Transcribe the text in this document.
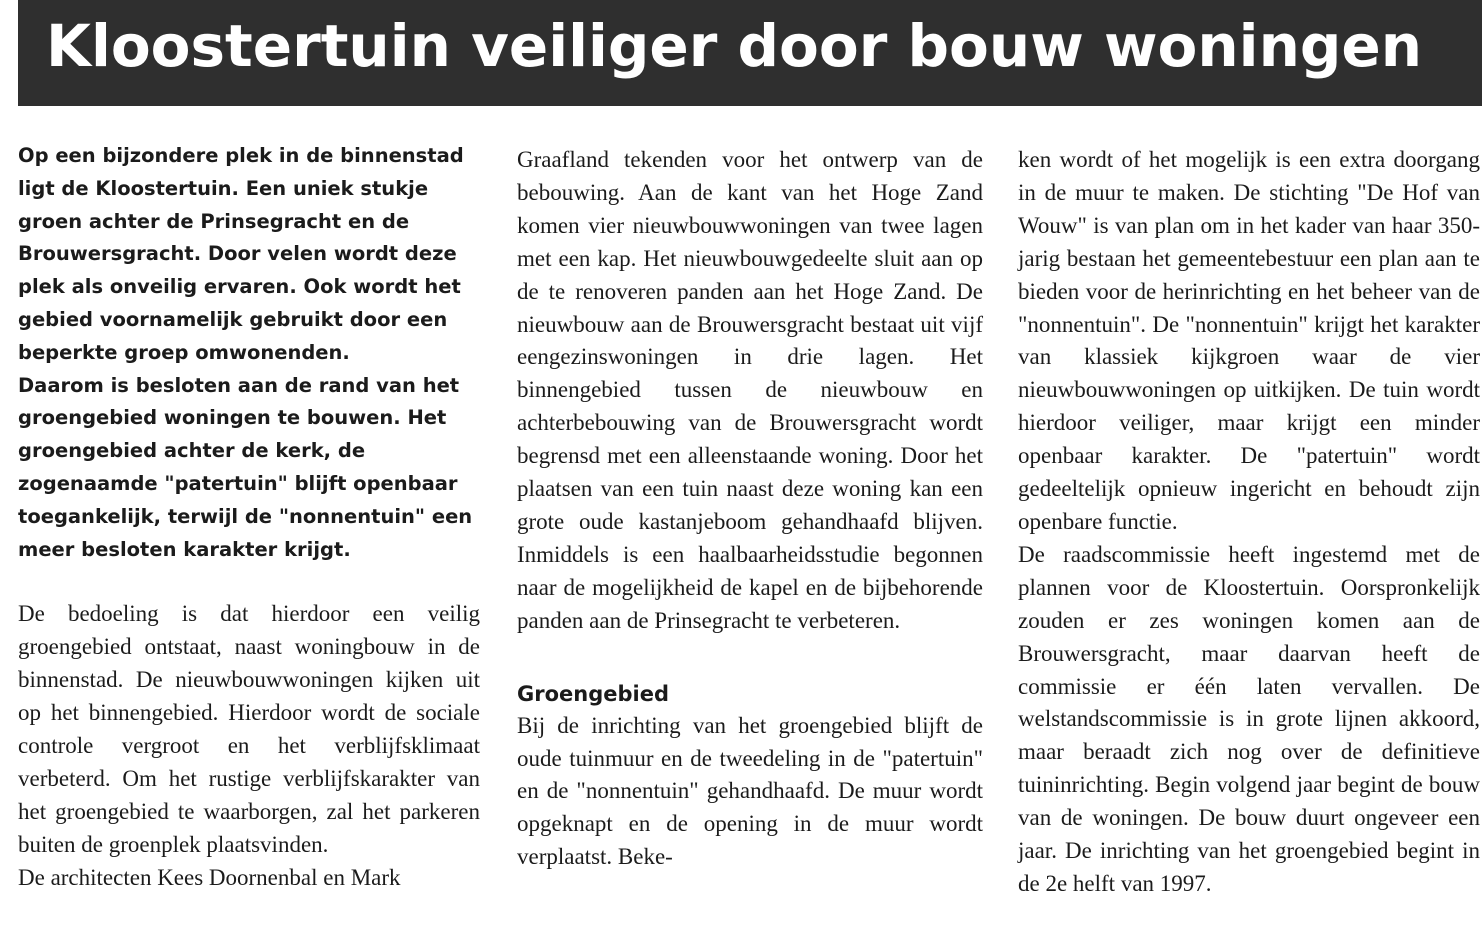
Kloostertuin veiliger door bouw woningen

Op een bijzondere plek in de binnenstad ligt de Kloostertuin. Een uniek stukje groen achter de Prinsegracht en de Brouwersgracht. Door velen wordt deze plek als onveilig ervaren. Ook wordt het gebied voornamelijk gebruikt door een beperkte groep omwonenden.

Daarom is besloten aan de rand van het groengebied woningen te bouwen. Het groengebied achter de kerk, de zogenaamde "patertuin" blijft openbaar toegankelijk, terwijl de "nonnentuin" een meer besloten karakter krijgt.

De bedoeling is dat hierdoor een veilig groengebied ontstaat, naast woningbouw in de binnenstad. De nieuwbouwwoningen kijken uit op het binnengebied. Hierdoor wordt de sociale controle vergroot en het verblijfsklimaat verbeterd. Om het rustige verblijfskarakter van het groengebied te waarborgen, zal het parkeren buiten de groenplek plaatsvinden.

De architecten Kees Doornenbal en Mark

Graafland tekenden voor het ontwerp van de bebouwing. Aan de kant van het Hoge Zand komen vier nieuwbouwwoningen van twee lagen met een kap. Het nieuwbouwgedeelte sluit aan op de te renoveren panden aan het Hoge Zand. De nieuwbouw aan de Brouwersgracht bestaat uit vijf eengezinswoningen in drie lagen. Het binnengebied tussen de nieuwbouw en achterbebouwing van de Brouwersgracht wordt begrensd met een alleenstaande woning. Door het plaatsen van een tuin naast deze woning kan een grote oude kastanjeboom gehandhaafd blijven. Inmiddels is een haalbaarheidsstudie begonnen naar de mogelijkheid de kapel en de bijbehorende panden aan de Prinsegracht te verbeteren.

Groengebied

Bij de inrichting van het groengebied blijft de oude tuinmuur en de tweedeling in de "patertuin" en de "nonnentuin" gehandhaafd. De muur wordt opgeknapt en de opening in de muur wordt verplaatst. Beke-

ken wordt of het mogelijk is een extra doorgang in de muur te maken. De stichting "De Hof van Wouw" is van plan om in het kader van haar 350-jarig bestaan het gemeentebestuur een plan aan te bieden voor de herinrichting en het beheer van de "nonnentuin". De "nonnentuin" krijgt het karakter van klassiek kijkgroen waar de vier nieuwbouwwoningen op uitkijken. De tuin wordt hierdoor veiliger, maar krijgt een minder openbaar karakter. De "patertuin" wordt gedeeltelijk opnieuw ingericht en behoudt zijn openbare functie.

De raadscommissie heeft ingestemd met de plannen voor de Kloostertuin. Oorspronkelijk zouden er zes woningen komen aan de Brouwersgracht, maar daarvan heeft de commissie er één laten vervallen. De welstandscommissie is in grote lijnen akkoord, maar beraadt zich nog over de definitieve tuininrichting. Begin volgend jaar begint de bouw van de woningen. De bouw duurt ongeveer een jaar. De inrichting van het groengebied begint in de 2e helft van 1997.
